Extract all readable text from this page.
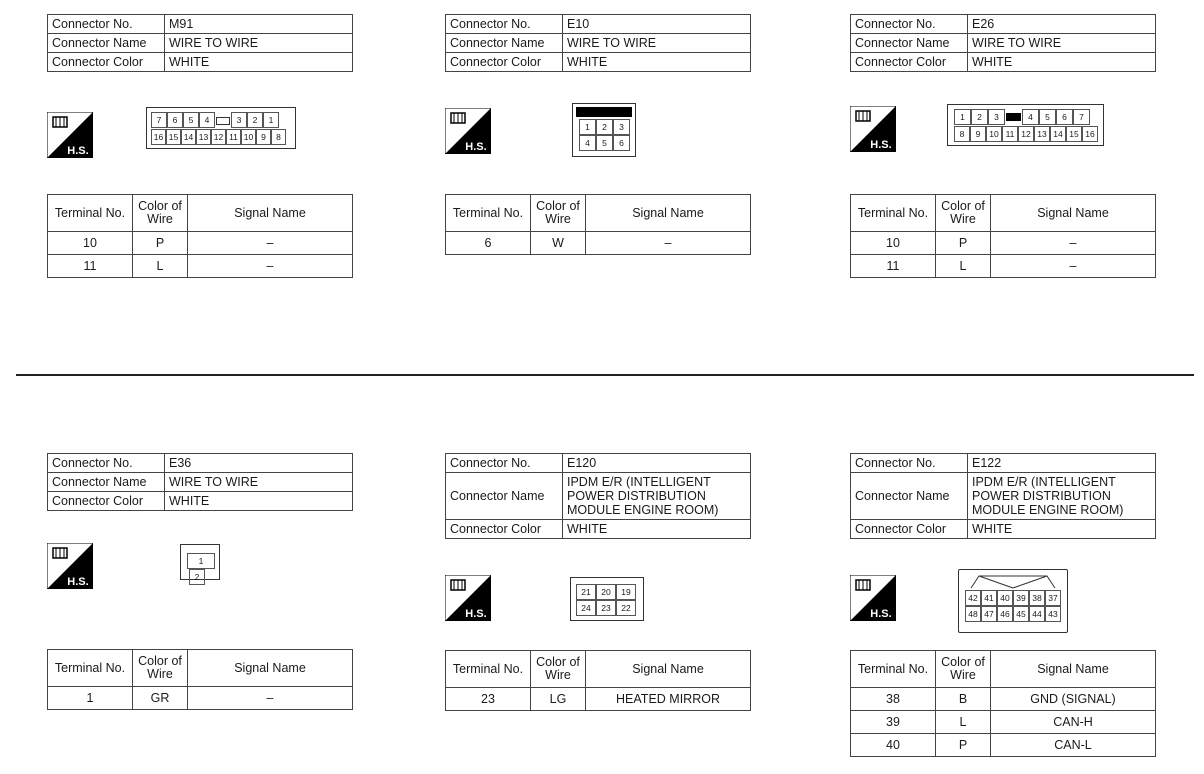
Connector No.	M91
Connector Name	WIRE TO WIRE
Connector Color	WHITE
H.S.
7	6	5	4	3	2	1
16 15 14 13 12 11 10 9	8
Terminal No.	Color of Wire	Signal Name
10	P	–
11	L	–
Connector No.	E10
Connector Name	WIRE TO WIRE
Connector Color	WHITE
H.S.
1	2	3
4	5	6
Terminal No.	Color of Wire	Signal Name
6	W	–
Connector No.	E26
Connector Name	WIRE TO WIRE
Connector Color	WHITE
H.S.
1	2	3	4	5	6	7
8	9	10 11 12 13 14 15 16
Terminal No.	Color of Wire	Signal Name
10	P	–
11	L	–
Connector No.	E36
Connector Name	WIRE TO WIRE
Connector Color	WHITE
H.S.
1
2
Terminal No.	Color of Wire	Signal Name
1	GR	–
Connector No.	E120
Connector Name	IPDM E/R (INTELLIGENT POWER DISTRIBUTION MODULE ENGINE ROOM)
Connector Color	WHITE
H.S.
21	20	19
24	23	22
Terminal No.	Color of Wire	Signal Name
23	LG	HEATED MIRROR
Connector No.	E122
Connector Name	IPDM E/R (INTELLIGENT POWER DISTRIBUTION MODULE ENGINE ROOM)
Connector Color	WHITE
H.S.
42 41 40 39 38 37
48 47 46 45 44 43
Terminal No.	Color of Wire	Signal Name
38	B	GND (SIGNAL)
39	L	CAN-H
40	P	CAN-L
